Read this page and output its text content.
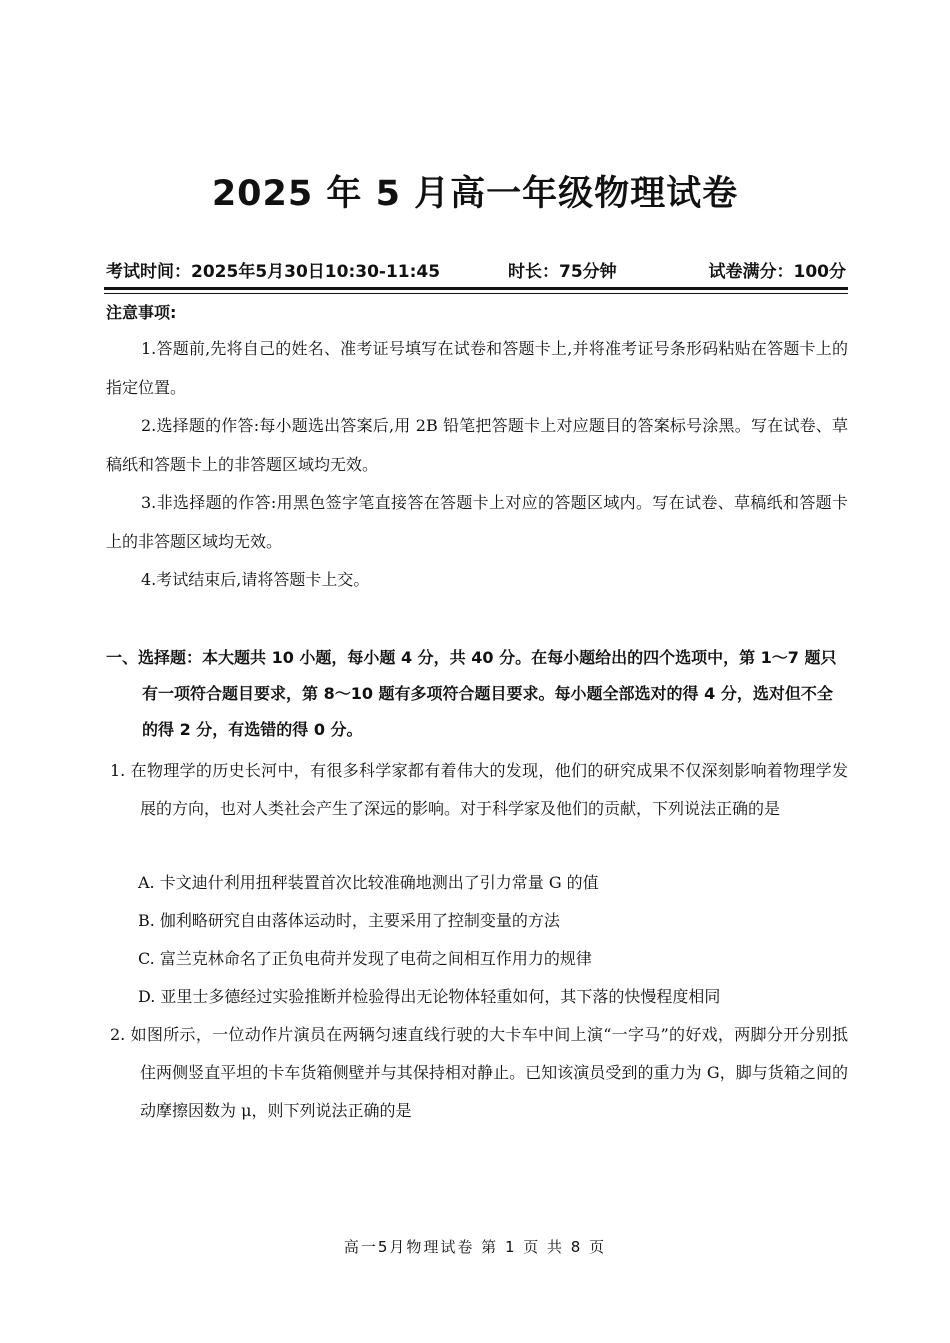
2025 年 5 月高一年级物理试卷
考试时间：2025年5月30日10:30-11:45	时长：75分钟	试卷满分：100分
注意事项:
1.答题前,先将自己的姓名、准考证号填写在试卷和答题卡上,并将准考证号条形码粘贴在答题卡上的指定位置。
2.选择题的作答:每小题选出答案后,用 2B 铅笔把答题卡上对应题目的答案标号涂黑。写在试卷、草稿纸和答题卡上的非答题区域均无效。
3.非选择题的作答:用黑色签字笔直接答在答题卡上对应的答题区域内。写在试卷、草稿纸和答题卡上的非答题区域均无效。
4.考试结束后,请将答题卡上交。
一、选择题：本大题共 10 小题，每小题 4 分，共 40 分。在每小题给出的四个选项中，第 1～7 题只有一项符合题目要求，第 8～10 题有多项符合题目要求。每小题全部选对的得 4 分，选对但不全的得 2 分，有选错的得 0 分。
1. 在物理学的历史长河中，有很多科学家都有着伟大的发现，他们的研究成果不仅深刻影响着物理学发展的方向，也对人类社会产生了深远的影响。对于科学家及他们的贡献，下列说法正确的是
A. 卡文迪什利用扭秤装置首次比较准确地测出了引力常量 G 的值
B. 伽利略研究自由落体运动时，主要采用了控制变量的方法
C. 富兰克林命名了正负电荷并发现了电荷之间相互作用力的规律
D. 亚里士多德经过实验推断并检验得出无论物体轻重如何，其下落的快慢程度相同
2. 如图所示，一位动作片演员在两辆匀速直线行驶的大卡车中间上演“一字马”的好戏，两脚分开分别抵住两侧竖直平坦的卡车货箱侧壁并与其保持相对静止。已知该演员受到的重力为 G，脚与货箱之间的动摩擦因数为 μ，则下列说法正确的是
高一5月物理试卷 第 1 页 共 8 页
